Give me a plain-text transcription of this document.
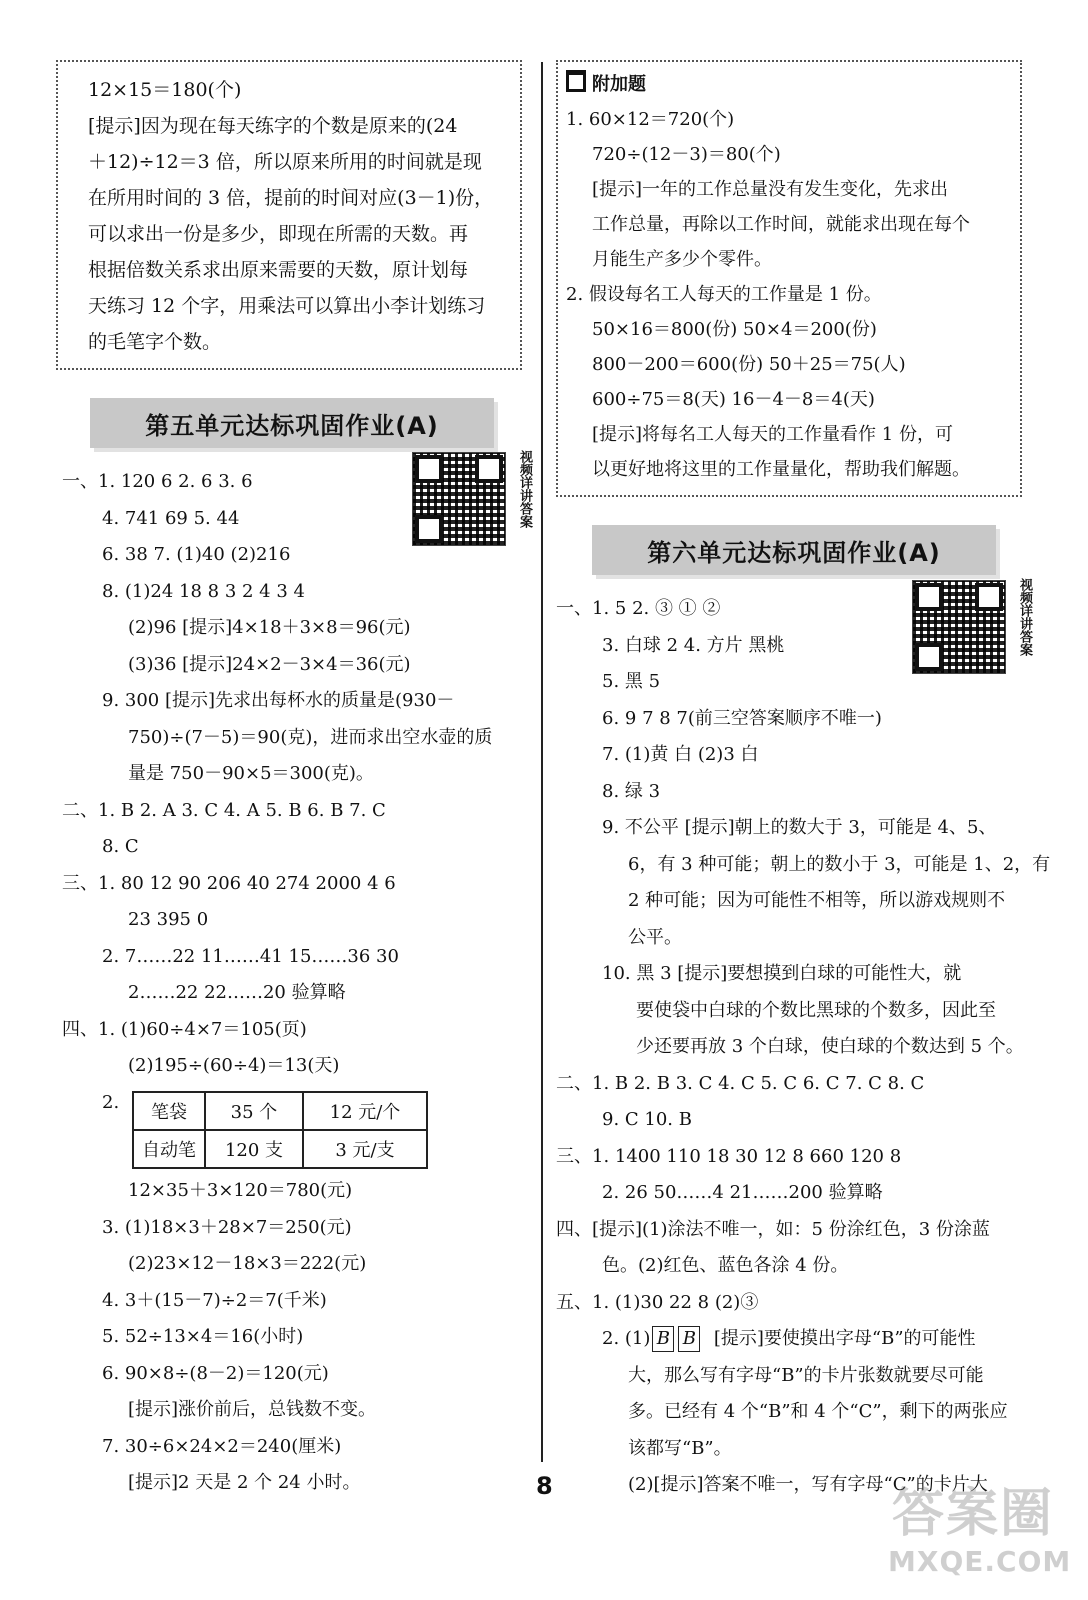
12×15＝180(个)

[提示]因为现在每天练字的个数是原来的(24

＋12)÷12＝3 倍，所以原来所用的时间就是现

在所用时间的 3 倍，提前的时间对应(3－1)份，

可以求出一份是多少，即现在所需的天数。再

根据倍数关系求出原来需要的天数，原计划每

天练习 12 个字，用乘法可以算出小李计划练习

的毛笔字个数。

第五单元达标巩固作业(A)
视频详讲答案

一、1. 120 6 2. 6 3. 6

4. 741 69 5. 44

6. 38 7. (1)40 (2)216

8. (1)24 18 8 3 2 4 3 4

(2)96 [提示]4×18＋3×8＝96(元)

(3)36 [提示]24×2－3×4＝36(元)

9. 300 [提示]先求出每杯水的质量是(930－

750)÷(7－5)＝90(克)，进而求出空水壶的质

量是 750－90×5＝300(克)。

二、1. B 2. A 3. C 4. A 5. B 6. B 7. C

8. C

三、1. 80 12 90 206 40 274 2000 4 6

23 395 0

2. 7……22 11……41 15……36 30

2……22 22……20 验算略

四、1. (1)60÷4×7＝105(页)

(2)195÷(60÷4)＝13(天)

2.	笔袋	35 个	12 元/个
自动笔	120 支	3 元/支

12×35＋3×120＝780(元)

3. (1)18×3＋28×7＝250(元)

(2)23×12－18×3＝222(元)

4. 3＋(15－7)÷2＝7(千米)

5. 52÷13×4＝16(小时)

6. 90×8÷(8－2)＝120(元)

[提示]涨价前后，总钱数不变。

7. 30÷6×24×2＝240(厘米)

[提示]2 天是 2 个 24 小时。

附加题

1. 60×12＝720(个)

720÷(12－3)＝80(个)

[提示]一年的工作总量没有发生变化，先求出

工作总量，再除以工作时间，就能求出现在每个

月能生产多少个零件。

2. 假设每名工人每天的工作量是 1 份。

50×16＝800(份) 50×4＝200(份)

800－200＝600(份) 50＋25＝75(人)

600÷75＝8(天) 16－4－8＝4(天)

[提示]将每名工人每天的工作量看作 1 份，可

以更好地将这里的工作量量化，帮助我们解题。

第六单元达标巩固作业(A)
视频详讲答案

一、1. 5 2. ③ ① ②

3. 白球 2 4. 方片 黑桃

5. 黑 5

6. 9 7 8 7(前三空答案顺序不唯一)

7. (1)黄 白 (2)3 白

8. 绿 3

9. 不公平 [提示]朝上的数大于 3，可能是 4、5、

6，有 3 种可能；朝上的数小于 3，可能是 1、2，有

2 种可能；因为可能性不相等，所以游戏规则不

公平。

10. 黑 3 [提示]要想摸到白球的可能性大，就

要使袋中白球的个数比黑球的个数多，因此至

少还要再放 3 个白球，使白球的个数达到 5 个。

二、1. B 2. B 3. C 4. C 5. C 6. C 7. C 8. C

9. C 10. B

三、1. 1400 110 18 30 12 8 660 120 8

2. 26 50……4 21……200 验算略

四、[提示](1)涂法不唯一，如：5 份涂红色，3 份涂蓝

色。(2)红色、蓝色各涂 4 份。

五、1. (1)30 22 8 (2)③

2. (1) B B [提示]要使摸出字母“B”的可能性

大，那么写有字母“B”的卡片张数就要尽可能

多。已经有 4 个“B”和 4 个“C”，剩下的两张应

该都写“B”。

(2)[提示]答案不唯一，写有字母“C”的卡片大

8	答案圈
MXQE.COM
